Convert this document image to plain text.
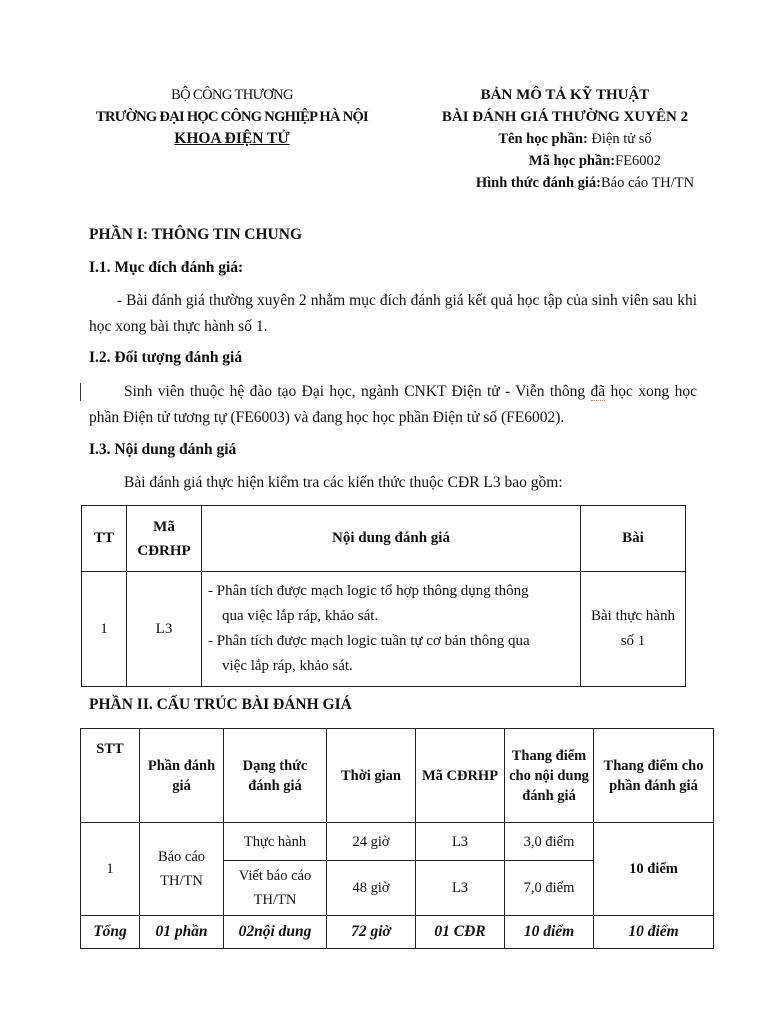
BỘ CÔNG THƯƠNG
TRƯỜNG ĐẠI HỌC CÔNG NGHIỆP HÀ NỘI
KHOA ĐIỆN TỬ
BẢN MÔ TẢ KỸ THUẬT
BÀI ĐÁNH GIÁ THƯỜNG XUYÊN 2
Tên học phần: Điện tử số
Mã học phần:FE6002
Hình thức đánh giá:Báo cáo TH/TN
PHẦN I: THÔNG TIN CHUNG
I.1. Mục đích đánh giá:
- Bài đánh giá thường xuyên 2 nhằm mục đích đánh giá kết quả học tập của sinh viên sau khi học xong bài thực hành số 1.
I.2. Đối tượng đánh giá
Sinh viên thuộc hệ đào tạo Đại học, ngành CNKT Điện tử - Viễn thông đã học xong học phần Điện tử tương tự (FE6003) và đang học học phần Điện tử số (FE6002).
I.3. Nội dung đánh giá
Bài đánh giá thực hiện kiểm tra các kiến thức thuộc CĐR L3 bao gồm:
TT	Mã CĐRHP	Nội dung đánh giá	Bài
1	L3	- Phân tích được mạch logic tổ hợp thông dụng thông
qua việc lắp ráp, khảo sát.
- Phân tích được mạch logic tuần tự cơ bản thông qua
việc lắp ráp, khảo sát.	Bài thực hành
số 1
PHẦN II. CẤU TRÚC BÀI ĐÁNH GIÁ
STT	Phần đánh giá	Dạng thức đánh giá	Thời gian	Mã CĐRHP	Thang điểm cho nội dung đánh giá	Thang điểm cho phần đánh giá
1	Báo cáo TH/TN	Thực hành	24 giờ	L3	3,0 điểm	10 điểm
		Viết báo cáo TH/TN	48 giờ	L3	7,0 điểm	
Tổng	01 phần	02nội dung	72 giờ	01 CĐR	10 điểm	10 điểm
